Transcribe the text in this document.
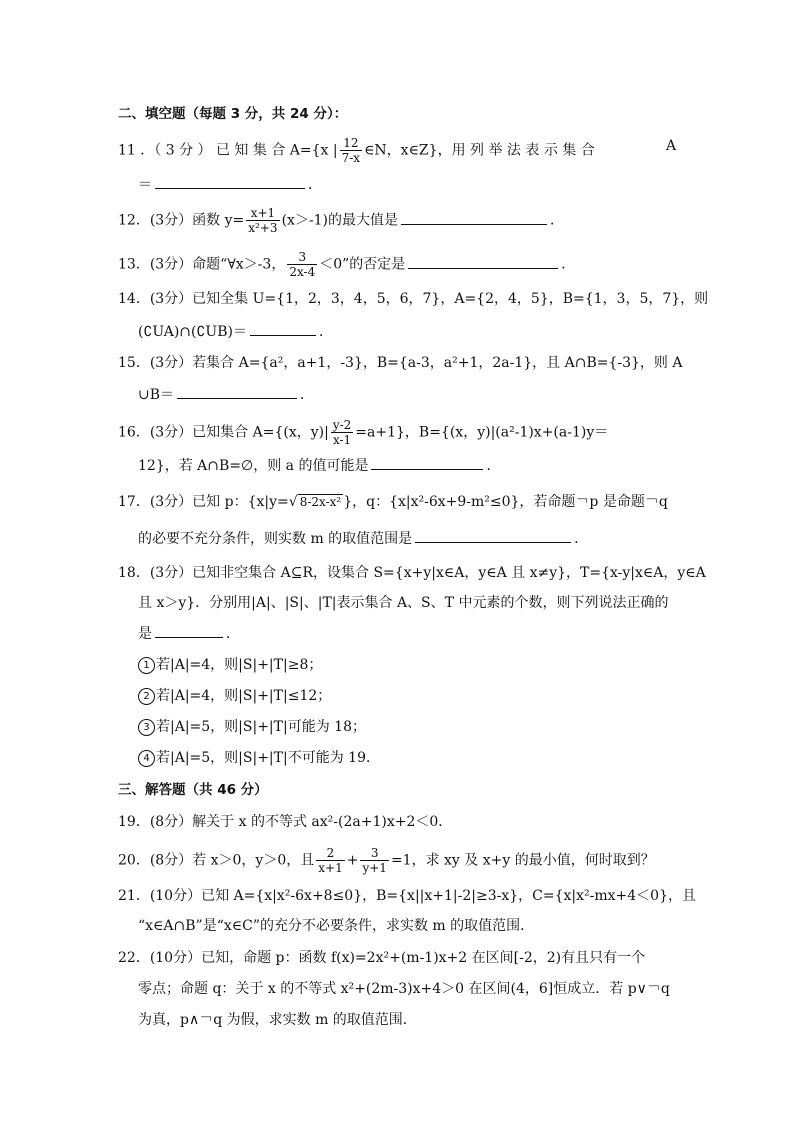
二、填空题（每题 3 分，共 24 分）：
11 ．（ 3 分 ） 已 知 集 合 A={x | $\frac{12}{7-x}$ ∈N，x∈Z}，用 列 举 法 表 示 集 合	A
＝	．
12．(3分）函数 $y= \frac{x+1}{\text{x²+3}} (x>-1)$的最大值是	．
13．(3分）命题“∀x＞-3， $\frac{3}{2x-4} <0$”的否定是	．
14．(3分）已知全集 U={1，2，3，4，5，6，7}，A={2，4，5}，B={1，3，5，7}，则
(∁UA)∩(∁UB)＝	．
15．(3分）若集合 A={a²，a+1，-3}，B={a-3，a²+1，2a-1}，且 A∩B={-3}，则 A
∪B＝	．
16．(3分）已知集合 A={(x，$y)| \frac{y-2}{x-1} =a+1$}，B={(x，y)|(a²-1)x+(a-1)y＝
12}，若 A∩B=∅，则 a 的值可能是	．
17．(3分）已知 p：{x|y=√ 8-2x-x² }，q：{x|x²-6x+9-m²≤0}，若命题￢p 是命题￢q
的必要不充分条件，则实数 m 的取值范围是	．
18．(3分）已知非空集合 A⊆R，设集合 S={x+y|x∈A，y∈A 且 x≠y}，T={x-y|x∈A，y∈A
且 x＞y}．分别用|A|、|S|、|T|表示集合 A、S、T 中元素的个数，则下列说法正确的
是	．
1 若|A|=4，则|S|+|T|≥8；
2 若|A|=4，则|S|+|T|≤12；
3 若|A|=5，则|S|+|T|可能为 18；
4 若|A|=5，则|S|+|T|不可能为 19．
三、解答题（共 46 分）
19．(8分）解关于 x 的不等式 ax²-(2a+1)x+2＜0．
20．(8分）若 x＞0，y＞0，且 $\frac{2}{x+1} + \frac{3}{y+1} =1$，求 xy 及 x+y 的最小值，何时取到？
21．(10分）已知 A={x|x²-6x+8≤0}，B={x||x+1|-2|≥3-x}，C={x|x²-mx+4＜0}，且
“x∈A∩B”是“x∈C”的充分不必要条件，求实数 m 的取值范围．
22．(10分）已知，命题 p：函数 f(x)=2x²+(m-1)x+2 在区间[-2，2)有且只有一个
零点；命题 q：关于 x 的不等式 x²+(2m-3)x+4＞0 在区间(4，6]恒成立．若 p∨￢q
为真，p∧￢q 为假，求实数 m 的取值范围．
